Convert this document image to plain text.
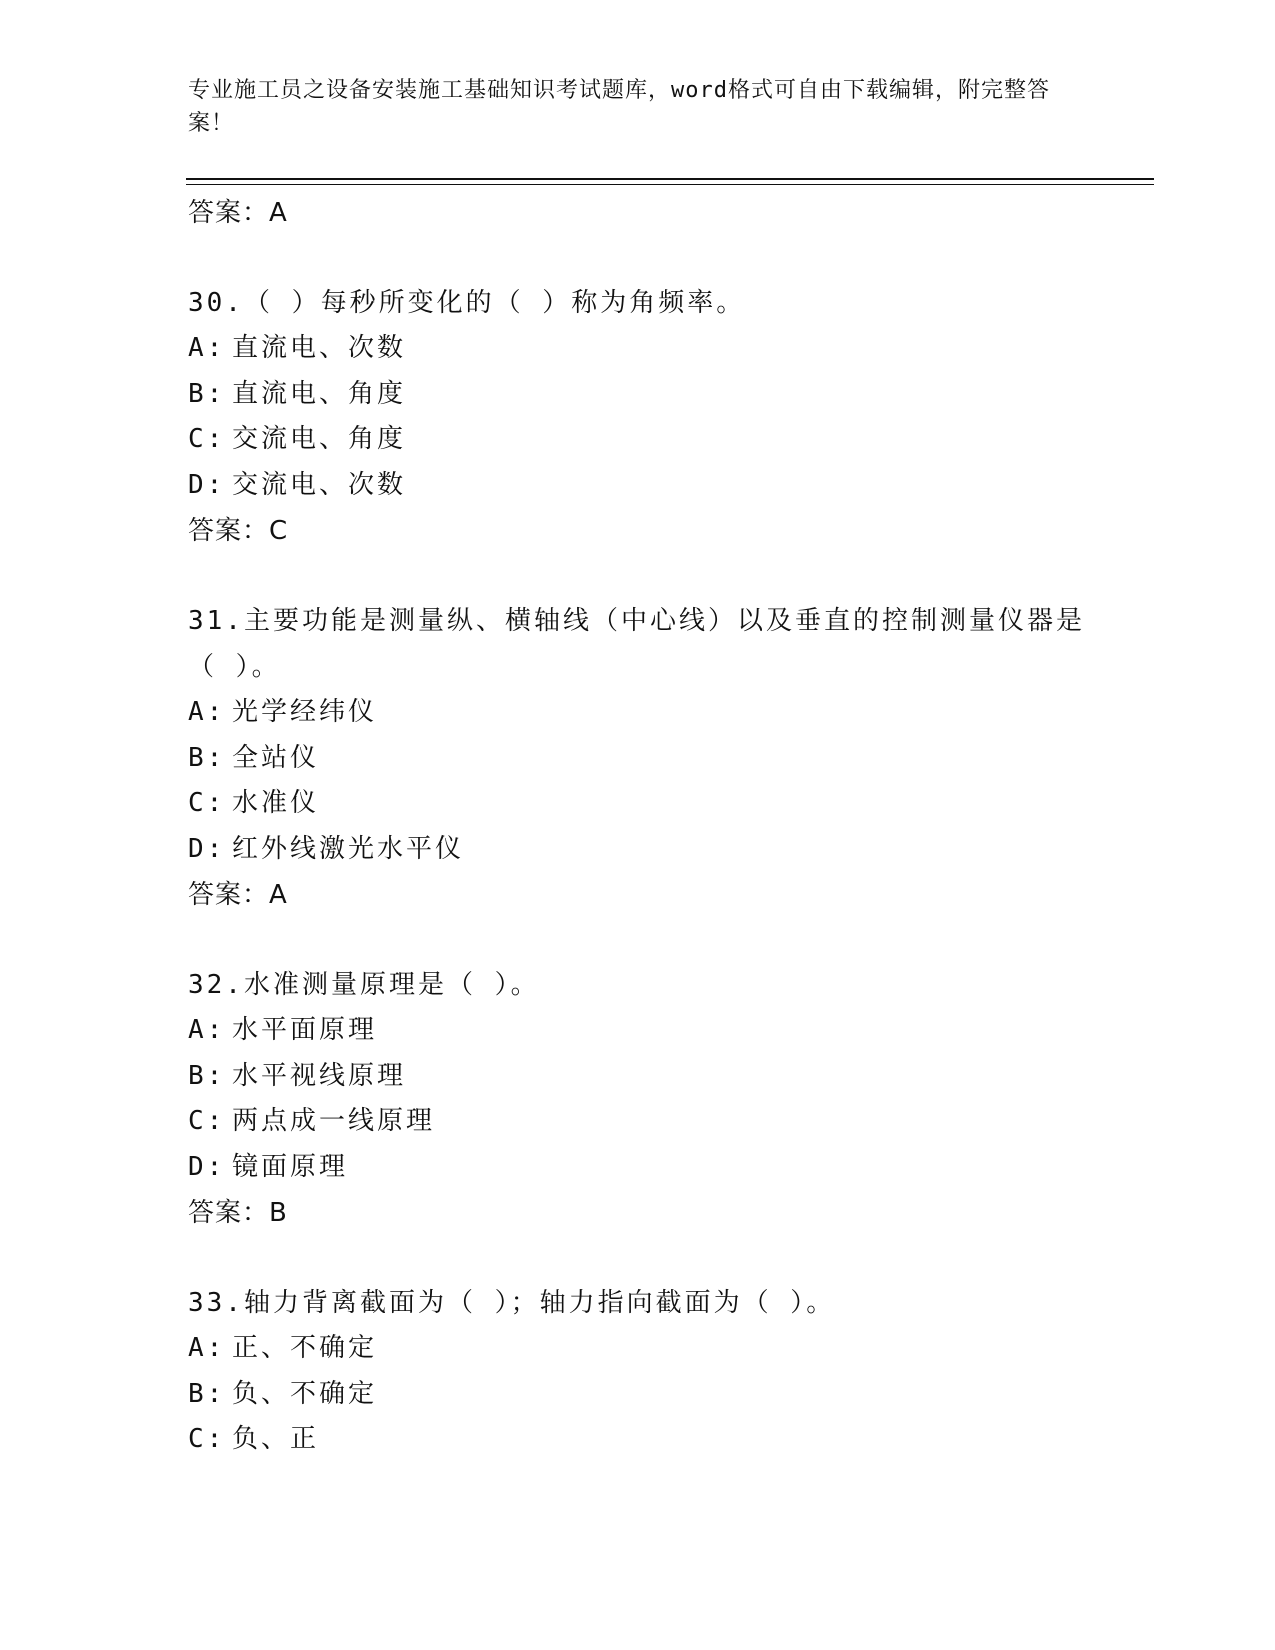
专业施工员之设备安装施工基础知识考试题库，word格式可自由下载编辑，附完整答案！
答案：A
30.（ ）每秒所变化的（ ）称为角频率。
A: 直流电、次数
B: 直流电、角度
C: 交流电、角度
D: 交流电、次数
答案：C
31.主要功能是测量纵、横轴线（中心线）以及垂直的控制测量仪器是（ ）。
A: 光学经纬仪
B: 全站仪
C: 水准仪
D: 红外线激光水平仪
答案：A
32.水准测量原理是（ ）。
A: 水平面原理
B: 水平视线原理
C: 两点成一线原理
D: 镜面原理
答案：B
33.轴力背离截面为（ ）；轴力指向截面为（ ）。
A: 正、不确定
B: 负、不确定
C: 负、正
